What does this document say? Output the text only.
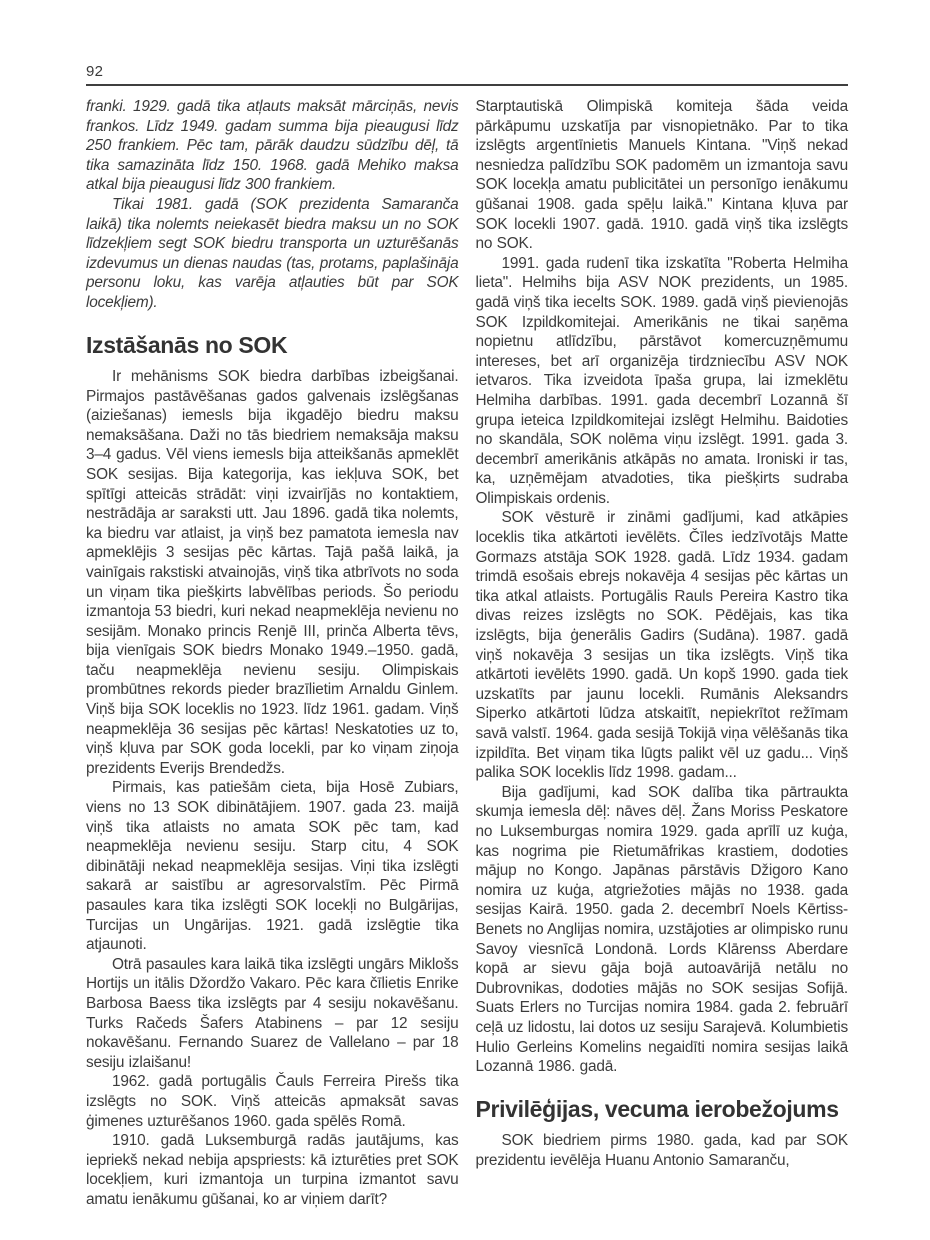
92

franki. 1929. gadā tika atļauts maksāt mārciņās, nevis frankos. Līdz 1949. gadam summa bija pieaugusi līdz 250 frankiem. Pēc tam, pārāk daudzu sūdzību dēļ, tā tika samazināta līdz 150. 1968. gadā Mehiko maksa atkal bija pieaugusi līdz 300 frankiem.

Tikai 1981. gadā (SOK prezidenta Samaranča laikā) tika nolemts neiekasēt biedra maksu un no SOK līdzekļiem segt SOK biedru transporta un uzturēšanās izdevumus un dienas naudas (tas, protams, paplašināja personu loku, kas varēja atļauties būt par SOK locekļiem).

Izstāšanās no SOK

Ir mehānisms SOK biedra darbības izbeigšanai. Pirmajos pastāvēšanas gados galvenais izslēgšanas (aiziešanas) iemesls bija ikgadējo biedru maksu nemaksāšana. Daži no tās biedriem nemaksāja maksu 3–4 gadus. Vēl viens iemesls bija atteikšanās apmeklēt SOK sesijas. Bija kategorija, kas iekļuva SOK, bet spītīgi atteicās strādāt: viņi izvairījās no kontaktiem, nestrādāja ar saraksti utt. Jau 1896. gadā tika nolemts, ka biedru var atlaist, ja viņš bez pamatota iemesla nav apmeklējis 3 sesijas pēc kārtas. Tajā pašā laikā, ja vainīgais rakstiski atvainojās, viņš tika atbrīvots no soda un viņam tika piešķirts labvēlības periods. Šo periodu izmantoja 53 biedri, kuri nekad neapmeklēja nevienu no sesijām. Monako princis Renjē III, prinča Alberta tēvs, bija vienīgais SOK biedrs Monako 1949.–1950. gadā, taču neapmeklēja nevienu sesiju. Olimpiskais prombūtnes rekords pieder brazīlietim Arnaldu Ginlem. Viņš bija SOK loceklis no 1923. līdz 1961. gadam. Viņš neapmeklēja 36 sesijas pēc kārtas! Neskatoties uz to, viņš kļuva par SOK goda locekli, par ko viņam ziņoja prezidents Everijs Brendedžs.

Pirmais, kas patiešām cieta, bija Hosē Zubiars, viens no 13 SOK dibinātājiem. 1907. gada 23. maijā viņš tika atlaists no amata SOK pēc tam, kad neapmeklēja nevienu sesiju. Starp citu, 4 SOK dibinātāji nekad neapmeklēja sesijas. Viņi tika izslēgti sakarā ar saistību ar agresorvalstīm. Pēc Pirmā pasaules kara tika izslēgti SOK locekļi no Bulgārijas, Turcijas un Ungārijas. 1921. gadā izslēgtie tika atjaunoti.

Otrā pasaules kara laikā tika izslēgti ungārs Miklošs Hortijs un itālis Džordžo Vakaro. Pēc kara čīlietis Enrike Barbosa Baess tika izslēgts par 4 sesiju nokavēšanu. Turks Račeds Šafers Atabinens – par 12 sesiju nokavēšanu. Fernando Suarez de Vallelano – par 18 sesiju izlaišanu!

1962. gadā portugālis Čauls Ferreira Pirešs tika izslēgts no SOK. Viņš atteicās apmaksāt savas ģimenes uzturēšanos 1960. gada spēlēs Romā.

1910. gadā Luksemburgā radās jautājums, kas iepriekš nekad nebija apspriests: kā izturēties pret SOK locekļiem, kuri izmantoja un turpina izmantot savu amatu ienākumu gūšanai, ko ar viņiem darīt?

Starptautiskā Olimpiskā komiteja šāda veida pārkāpumu uzskatīja par visnopietnāko. Par to tika izslēgts argentīnietis Manuels Kintana. "Viņš nekad nesniedza palīdzību SOK padomēm un izmantoja savu SOK locekļa amatu publicitātei un personīgo ienākumu gūšanai 1908. gada spēļu laikā." Kintana kļuva par SOK locekli 1907. gadā. 1910. gadā viņš tika izslēgts no SOK.

1991. gada rudenī tika izskatīta "Roberta Helmiha lieta". Helmihs bija ASV NOK prezidents, un 1985. gadā viņš tika iecelts SOK. 1989. gadā viņš pievienojās SOK Izpildkomitejai. Amerikānis ne tikai saņēma nopietnu atlīdzību, pārstāvot komercuzņēmumu intereses, bet arī organizēja tirdzniecību ASV NOK ietvaros. Tika izveidota īpaša grupa, lai izmeklētu Helmiha darbības. 1991. gada decembrī Lozannā šī grupa ieteica Izpildkomitejai izslēgt Helmihu. Baidoties no skandāla, SOK nolēma viņu izslēgt. 1991. gada 3. decembrī amerikānis atkāpās no amata. Ironiski ir tas, ka, uzņēmējam atvadoties, tika piešķirts sudraba Olimpiskais ordenis.

SOK vēsturē ir zināmi gadījumi, kad atkāpies loceklis tika atkārtoti ievēlēts. Čīles iedzīvotājs Matte Gormazs atstāja SOK 1928. gadā. Līdz 1934. gadam trimdā esošais ebrejs nokavēja 4 sesijas pēc kārtas un tika atkal atlaists. Portugālis Rauls Pereira Kastro tika divas reizes izslēgts no SOK. Pēdējais, kas tika izslēgts, bija ģenerālis Gadirs (Sudāna). 1987. gadā viņš nokavēja 3 sesijas un tika izslēgts. Viņš tika atkārtoti ievēlēts 1990. gadā. Un kopš 1990. gada tiek uzskatīts par jaunu locekli. Rumānis Aleksandrs Siperko atkārtoti lūdza atskaitīt, nepiekrītot režīmam savā valstī. 1964. gada sesijā Tokijā viņa vēlēšanās tika izpildīta. Bet viņam tika lūgts palikt vēl uz gadu... Viņš palika SOK loceklis līdz 1998. gadam...

Bija gadījumi, kad SOK dalība tika pārtraukta skumja iemesla dēļ: nāves dēļ. Žans Moriss Peskatore no Luksemburgas nomira 1929. gada aprīlī uz kuģa, kas nogrima pie Rietumāfrikas krastiem, dodoties mājup no Kongo. Japānas pārstāvis Džigoro Kano nomira uz kuģa, atgriežoties mājās no 1938. gada sesijas Kairā. 1950. gada 2. decembrī Noels Kērtiss-Benets no Anglijas nomira, uzstājoties ar olimpisko runu Savoy viesnīcā Londonā. Lords Klārenss Aberdare kopā ar sievu gāja bojā autoavārijā netālu no Dubrovnikas, dodoties mājās no SOK sesijas Sofijā. Suats Erlers no Turcijas nomira 1984. gada 2. februārī ceļā uz lidostu, lai dotos uz sesiju Sarajevā. Kolumbietis Hulio Gerleins Komelins negaidīti nomira sesijas laikā Lozannā 1986. gadā.

Privilēģijas, vecuma ierobežojums

SOK biedriem pirms 1980. gada, kad par SOK prezidentu ievēlēja Huanu Antonio Samaranču,
